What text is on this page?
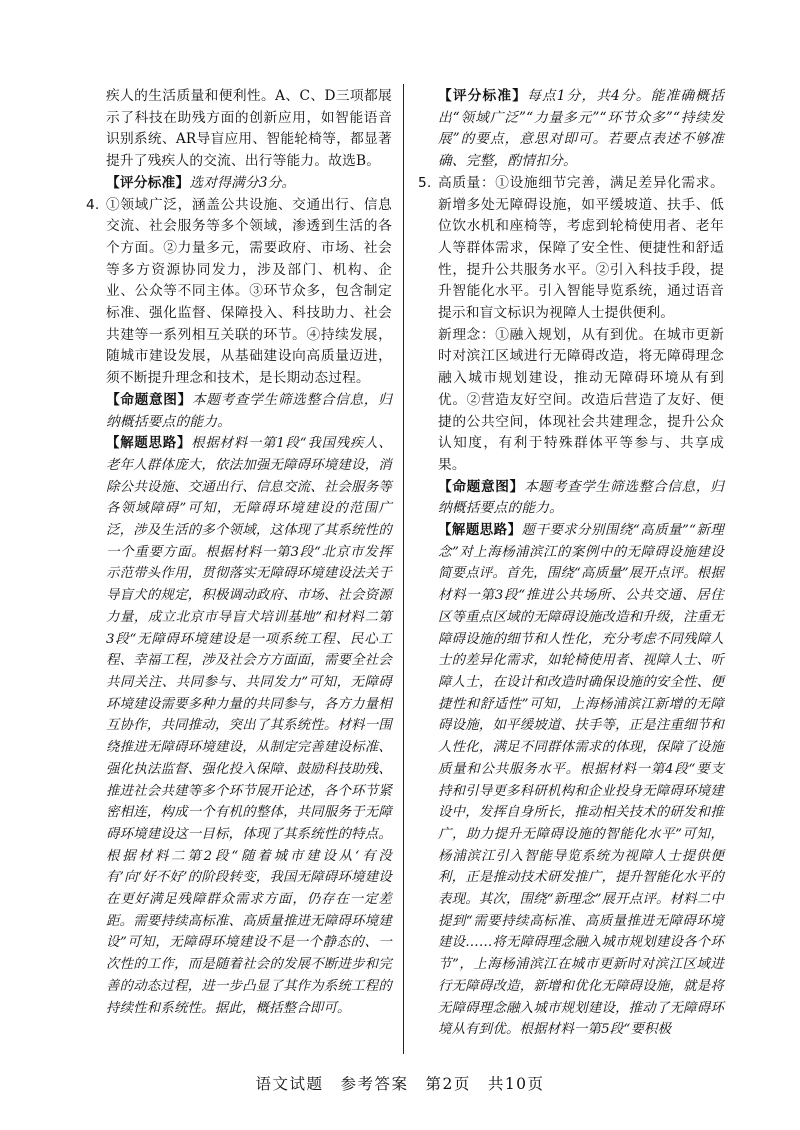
疾人的生活质量和便利性。A、C、D三项都展示了科技在助残方面的创新应用，如智能语音识别系统、AR导盲应用、智能轮椅等，都显著提升了残疾人的交流、出行等能力。故选B。

【评分标准】选对得满分3分。

4. ①领域广泛，涵盖公共设施、交通出行、信息交流、社会服务等多个领域，渗透到生活的各个方面。②力量多元，需要政府、市场、社会等多方资源协同发力，涉及部门、机构、企业、公众等不同主体。③环节众多，包含制定标准、强化监督、保障投入、科技助力、社会共建等一系列相互关联的环节。④持续发展，随城市建设发展，从基础建设向高质量迈进，须不断提升理念和技术，是长期动态过程。

【命题意图】本题考查学生筛选整合信息，归纳概括要点的能力。

【解题思路】根据材料一第1段“我国残疾人、老年人群体庞大，依法加强无障碍环境建设，消除公共设施、交通出行、信息交流、社会服务等各领域障碍”可知，无障碍环境建设的范围广泛，涉及生活的多个领域，这体现了其系统性的一个重要方面。根据材料一第3段“北京市发挥示范带头作用，贯彻落实无障碍环境建设法关于导盲犬的规定，积极调动政府、市场、社会资源力量，成立北京市导盲犬培训基地”和材料二第3段“无障碍环境建设是一项系统工程、民心工程、幸福工程，涉及社会方方面面，需要全社会共同关注、共同参与、共同发力”可知，无障碍环境建设需要多种力量的共同参与，各方力量相互协作，共同推动，突出了其系统性。材料一围绕推进无障碍环境建设，从制定完善建设标准、强化执法监督、强化投入保障、鼓励科技助残、推进社会共建等多个环节展开论述，各个环节紧密相连，构成一个有机的整体，共同服务于无障碍环境建设这一目标，体现了其系统性的特点。根据材料二第2段“随着城市建设从‘有没有’向‘好不好’的阶段转变，我国无障碍环境建设在更好满足残障群众需求方面，仍存在一定差距。需要持续高标准、高质量推进无障碍环境建设”可知，无障碍环境建设不是一个静态的、一次性的工作，而是随着社会的发展不断进步和完善的动态过程，进一步凸显了其作为系统工程的持续性和系统性。据此，概括整合即可。

【评分标准】每点1分，共4分。能准确概括出“领域广泛”“力量多元”“环节众多”“持续发展”的要点，意思对即可。若要点表述不够准确、完整，酌情扣分。

5. 高质量：①设施细节完善，满足差异化需求。新增多处无障碍设施，如平缓坡道、扶手、低位饮水机和座椅等，考虑到轮椅使用者、老年人等群体需求，保障了安全性、便捷性和舒适性，提升公共服务水平。②引入科技手段，提升智能化水平。引入智能导览系统，通过语音提示和盲文标识为视障人士提供便利。

新理念：①融入规划，从有到优。在城市更新时对滨江区域进行无障碍改造，将无障碍理念融入城市规划建设，推动无障碍环境从有到优。②营造友好空间。改造后营造了友好、便捷的公共空间，体现社会共建理念，提升公众认知度，有利于特殊群体平等参与、共享成果。

【命题意图】本题考查学生筛选整合信息，归纳概括要点的能力。

【解题思路】题干要求分别围绕“高质量”“新理念”对上海杨浦滨江的案例中的无障碍设施建设简要点评。首先，围绕“高质量”展开点评。根据材料一第3段“推进公共场所、公共交通、居住区等重点区域的无障碍设施改造和升级，注重无障碍设施的细节和人性化，充分考虑不同残障人士的差异化需求，如轮椅使用者、视障人士、听障人士，在设计和改造时确保设施的安全性、便捷性和舒适性”可知，上海杨浦滨江新增的无障碍设施，如平缓坡道、扶手等，正是注重细节和人性化，满足不同群体需求的体现，保障了设施质量和公共服务水平。根据材料一第4段“要支持和引导更多科研机构和企业投身无障碍环境建设中，发挥自身所长，推动相关技术的研发和推广，助力提升无障碍设施的智能化水平”可知，杨浦滨江引入智能导览系统为视障人士提供便利，正是推动技术研发推广，提升智能化水平的表现。其次，围绕“新理念”展开点评。材料二中提到“需要持续高标准、高质量推进无障碍环境建设……将无障碍理念融入城市规划建设各个环节”，上海杨浦滨江在城市更新时对滨江区域进行无障碍改造，新增和优化无障碍设施，就是将无障碍理念融入城市规划建设，推动了无障碍环境从有到优。根据材料一第5段“要积极

语文试题　参考答案　第2页　共10页
